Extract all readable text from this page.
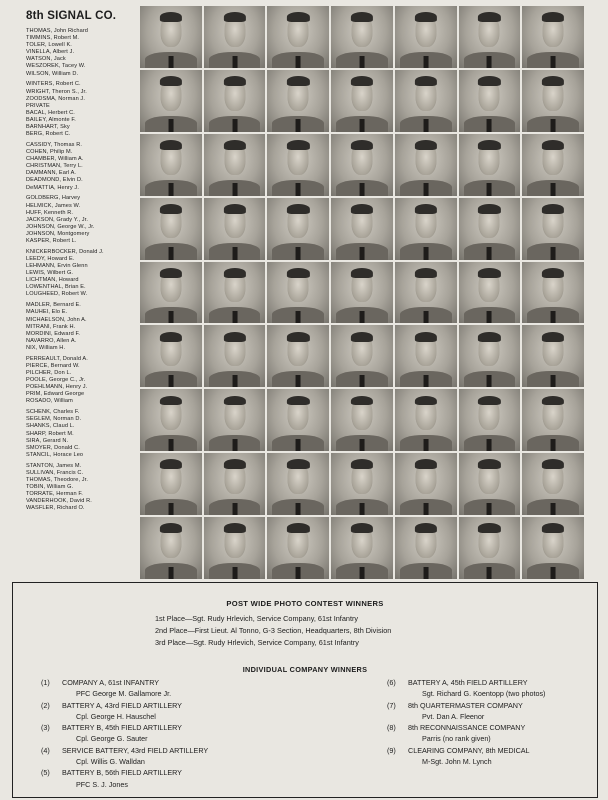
8th SIGNAL CO.
THOMAS, John Richard
TIMMINS, Robert M.
TOLER, Lowell K.
VINELLA, Albert J.
WATSON, Jack
WESZOREK, Tacey W.
WILSON, William D.
WINTERS, Robert C.
WRIGHT, Theron S., Jr.
ZOODSMA, Norman J.
PRIVATE
BACAL, Herbert C.
BAILEY, Almonte F.
BARNHART, Sky
BERG, Robert C.
CASSIDY, Thomas R.
COHEN, Philip M.
CHAMBER, William A.
CHRISTMAN, Terry L.
DAMMANN, Earl A.
DEADMOND, Elvin D.
DeMATTIA, Henry J.
GOLDBERG, Harvey
HELMICK, James W.
HUFF, Kenneth R.
JACKSON, Grady Y., Jr.
JOHNSON, George W., Jr.
JOHNSON, Montgomery
KASPER, Robert L.
KNICKERBOCKER, Donald J.
LEEDY, Howard E.
LEHMANN, Ervin Glenn
LEWIS, Wilbert G.
LICHTMAN, Howard
LOWENTHAL, Brian E.
LOUGHEED, Robert W.
MADLER, Bernard E.
MAUHEI, Elo E.
MICHAELSON, John A.
MITRANI, Frank H.
MORDINI, Edward F.
NAVARRO, Allen A.
NIX, William H.
PERREAULT, Donald A.
PIERCE, Bernard W.
PILCHER, Don L.
POOLE, George C., Jr.
POEHLMANN, Henry J.
PRIM, Edward George
ROSADO, William
SCHENK, Charles F.
SEGLEM, Norman D.
SHANKS, Claud L.
SHARP, Robert M.
SIRA, Gerard N.
SMOYER, Donald C.
STANCIL, Horace Leo
STANTON, James M.
SULLIVAN, Francis C.
THOMAS, Theodore, Jr.
TOBIN, William G.
TORRATE, Herman F.
VANDERHOOK, David R.
WASFLER, Richard O.
POST WIDE PHOTO CONTEST WINNERS
1st Place—Sgt. Rudy Hrlevich, Service Company, 61st Infantry
2nd Place—First Lieut. Al Tonno, G-3 Section, Headquarters, 8th Division
3rd Place—Sgt. Rudy Hrlevich, Service Company, 61st Infantry
INDIVIDUAL COMPANY WINNERS
(1) COMPANY A, 61st INFANTRY
PFC George M. Gallamore Jr.
(2) BATTERY A, 43rd FIELD ARTILLERY
Cpl. George H. Hauschel
(3) BATTERY B, 45th FIELD ARTILLERY
Cpl. George G. Sauter
(4) SERVICE BATTERY, 43rd FIELD ARTILLERY
Cpl. Willis G. Walldan
(5) BATTERY B, 56th FIELD ARTILLERY
PFC S. J. Jones
(6) BATTERY A, 45th FIELD ARTILLERY
Sgt. Richard G. Koentopp (two photos)
(7) 8th QUARTERMASTER COMPANY
Pvt. Dan A. Fleenor
(8) 8th RECONNAISSANCE COMPANY
Parris (no rank given)
(9) CLEARING COMPANY, 8th MEDICAL
M-Sgt. John M. Lynch
